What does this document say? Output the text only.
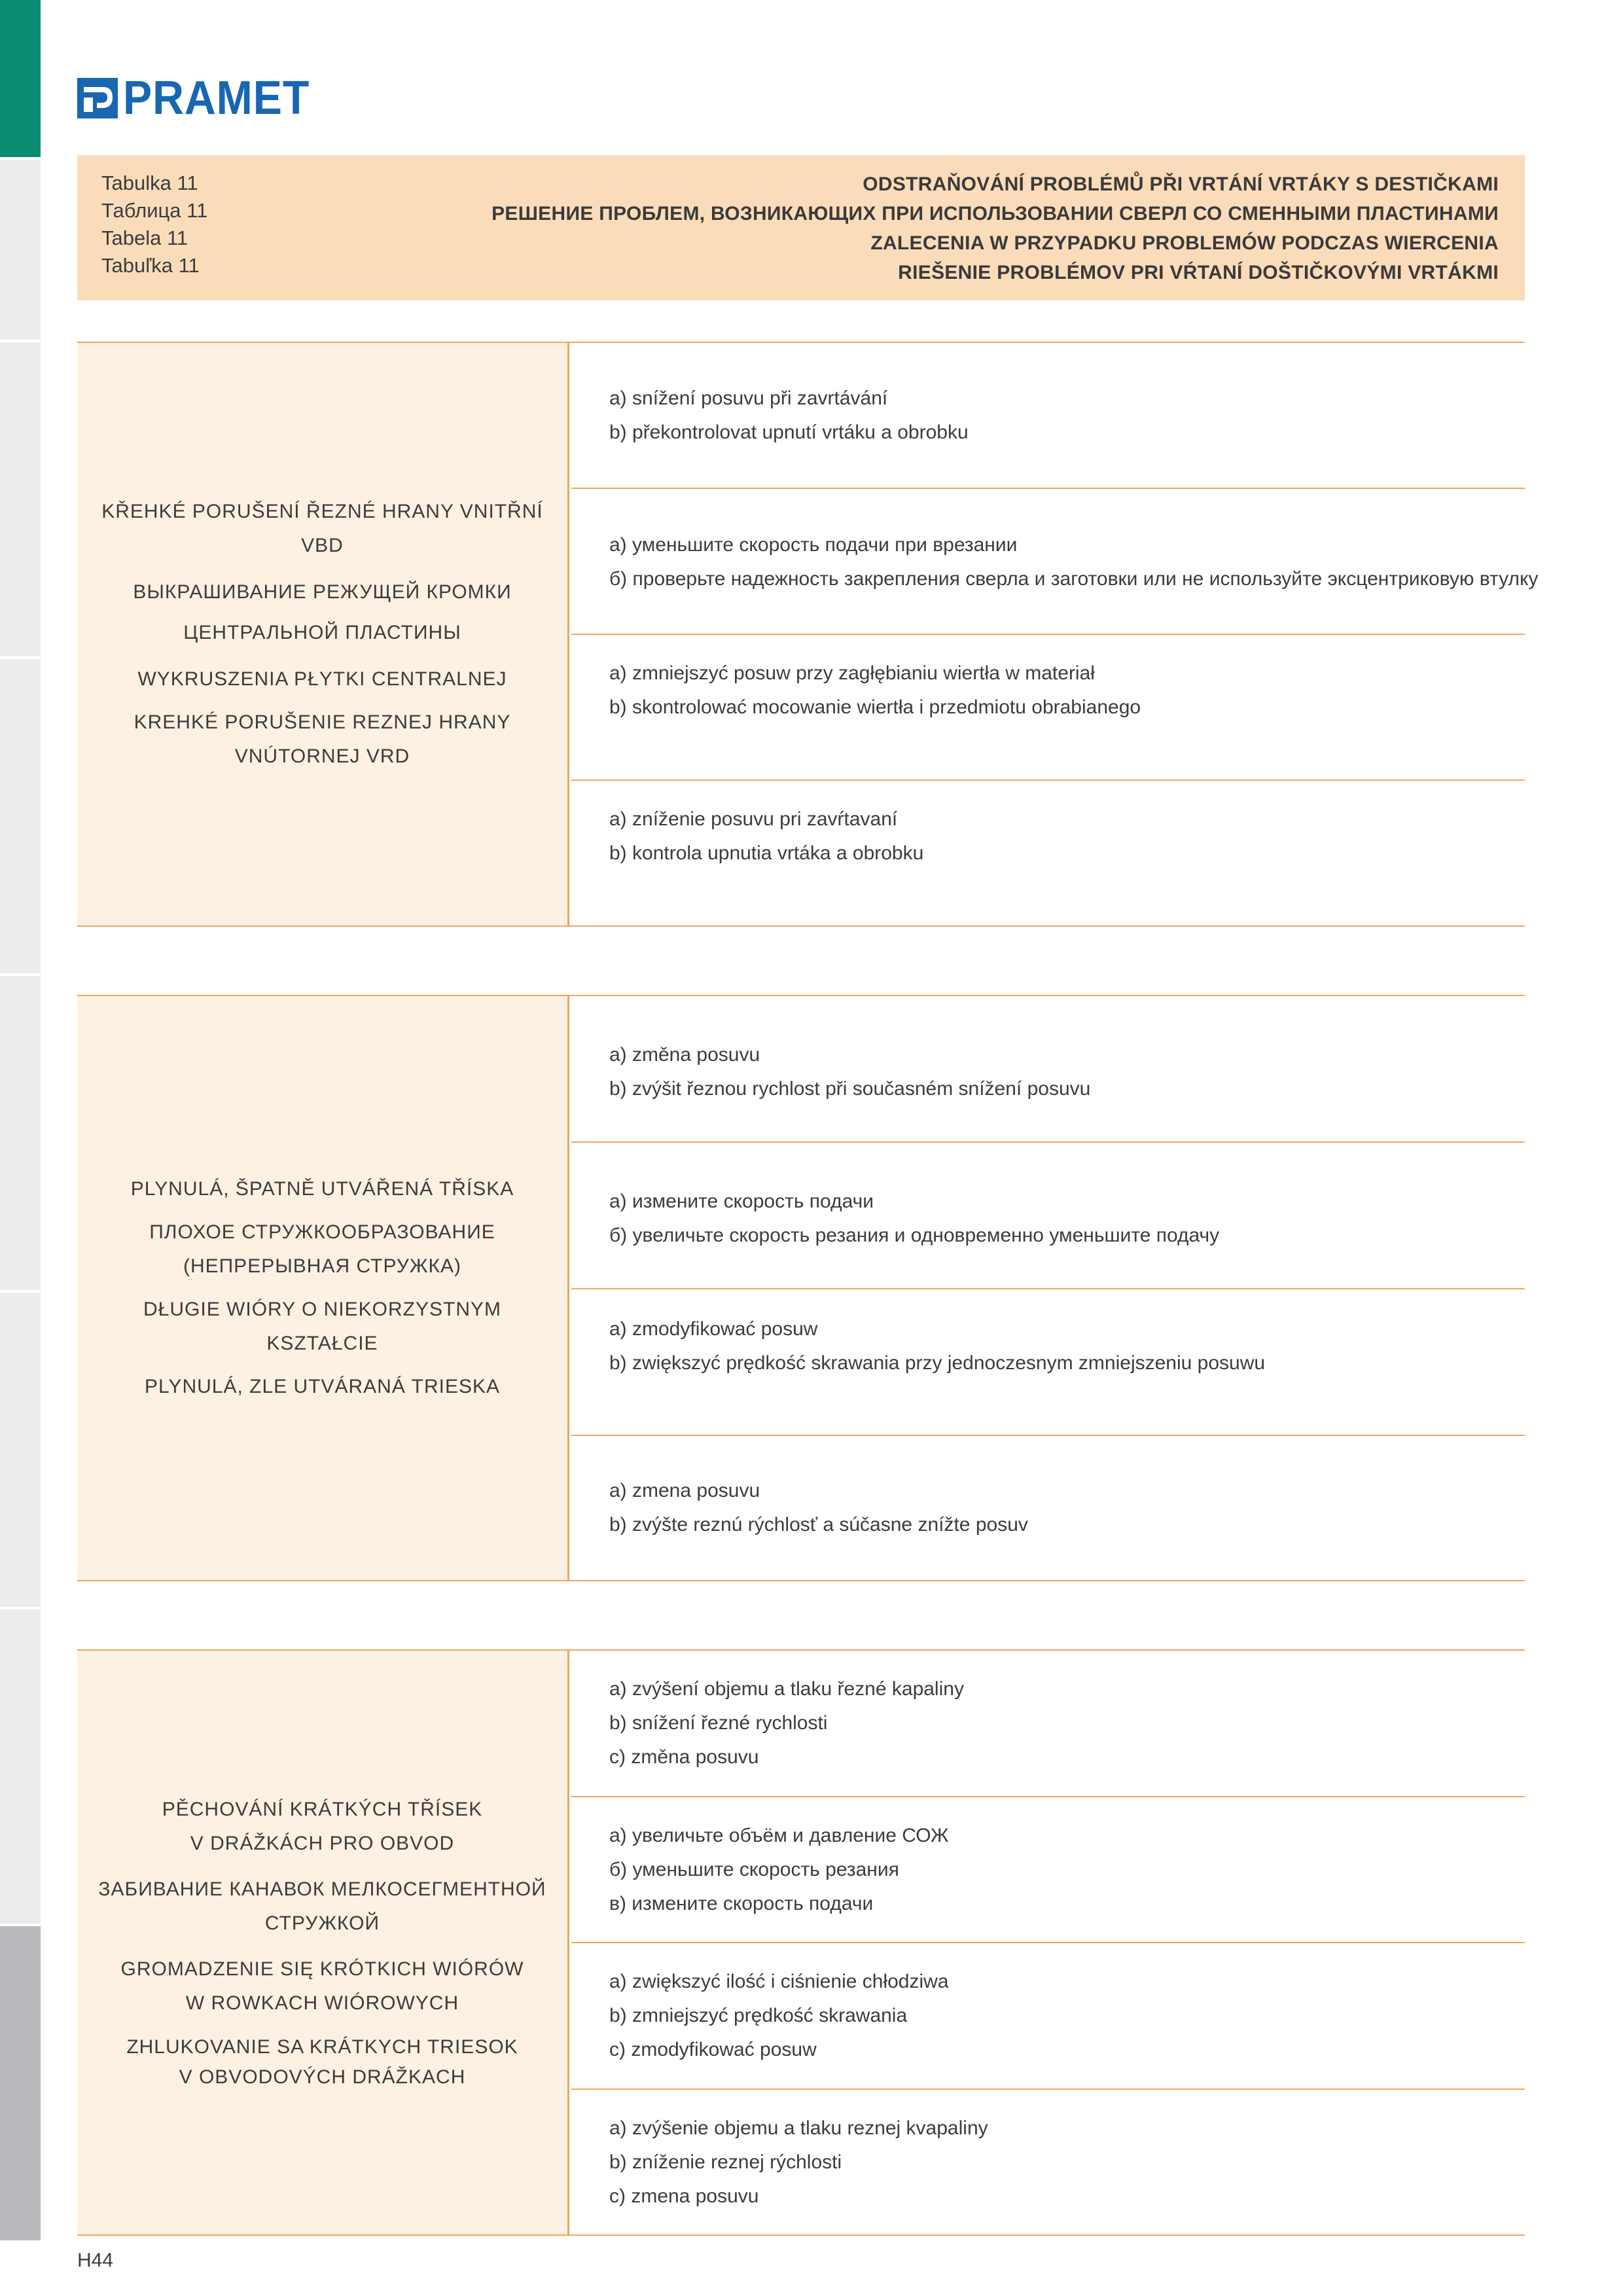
PRAMET
Tabulka 11
Таблица 11
Tabela 11
Tabuľka 11
ODSTRAŇOVÁNÍ PROBLÉMŮ PŘI VRTÁNÍ VRTÁKY S DESTIČKAMI
РЕШЕНИЕ ПРОБЛЕМ, ВОЗНИКАЮЩИХ ПРИ ИСПОЛЬЗОВАНИИ СВЕРЛ СО СМЕННЫМИ ПЛАСТИНАМИ
ZALECENIA W PRZYPADKU PROBLEMÓW PODCZAS WIERCENIA
RIEŠENIE PROBLÉMOV PRI VŔTANÍ DOŠTIČKOVÝMI VRTÁKMI
KŘEHKÉ PORUŠENÍ ŘEZNÉ HRANY VNITŘNÍ VBD
ВЫКРАШИВАНИЕ РЕЖУЩЕЙ КРОМКИ
ЦЕНТРАЛЬНОЙ ПЛАСТИНЫ
WYKRUSZENIA PŁYTKI CENTRALNEJ
KREHKÉ PORUŠENIE REZNEJ HRANY VNÚTORNEJ VRD
a) snížení posuvu při zavrtávání
b) překontrolovat upnutí vrtáku a obrobku
а) уменьшите скорость подачи при врезании
б) проверьте надежность закрепления сверла и заготовки или не используйте эксцентриковую втулку
a) zmniejszyć posuw przy zagłębianiu wiertła w materiał
b) skontrolować mocowanie wiertła i przedmiotu obrabianego
a) zníženie posuvu pri zavŕtavaní
b) kontrola upnutia vrtáka a obrobku
PLYNULÁ, ŠPATNĚ UTVÁŘENÁ TŘÍSKA
ПЛОХОЕ СТРУЖКООБРАЗОВАНИЕ
(НЕПРЕРЫВНАЯ СТРУЖКА)
DŁUGIE WIÓRY O NIEKORZYSTNYM KSZTAŁCIE
PLYNULÁ, ZLE UTVÁRANÁ TRIESKA
a) změna posuvu
b) zvýšit řeznou rychlost při současném snížení posuvu
а) измените скорость подачи
б) увеличьте скорость резания и одновременно уменьшите подачу
a) zmodyfikować posuw
b) zwiększyć prędkość skrawania przy jednoczesnym zmniejszeniu posuwu
a) zmena posuvu
b) zvýšte reznú rýchlosť a súčasne znížte posuv
PĚCHOVÁNÍ KRÁTKÝCH TŘÍSEK
V DRÁŽKÁCH PRO OBVOD
ЗАБИВАНИЕ КАНАВОК МЕЛКОСЕГМЕНТНОЙ
СТРУЖКОЙ
GROMADZENIE SIĘ KRÓTKICH WIÓRÓW
W ROWKACH WIÓROWYCH
ZHLUKOVANIE SA KRÁTKYCH TRIESOK
V OBVODOVÝCH DRÁŽKACH
a) zvýšení objemu a tlaku řezné kapaliny
b) snížení řezné rychlosti
c) změna posuvu
а) увеличьте объём и давление СОЖ
б) уменьшите скорость резания
в) измените скорость подачи
a) zwiększyć ilość i ciśnienie chłodziwa
b) zmniejszyć prędkość skrawania
c) zmodyfikować posuw
a) zvýšenie objemu a tlaku reznej kvapaliny
b) zníženie reznej rýchlosti
c) zmena posuvu
H44
